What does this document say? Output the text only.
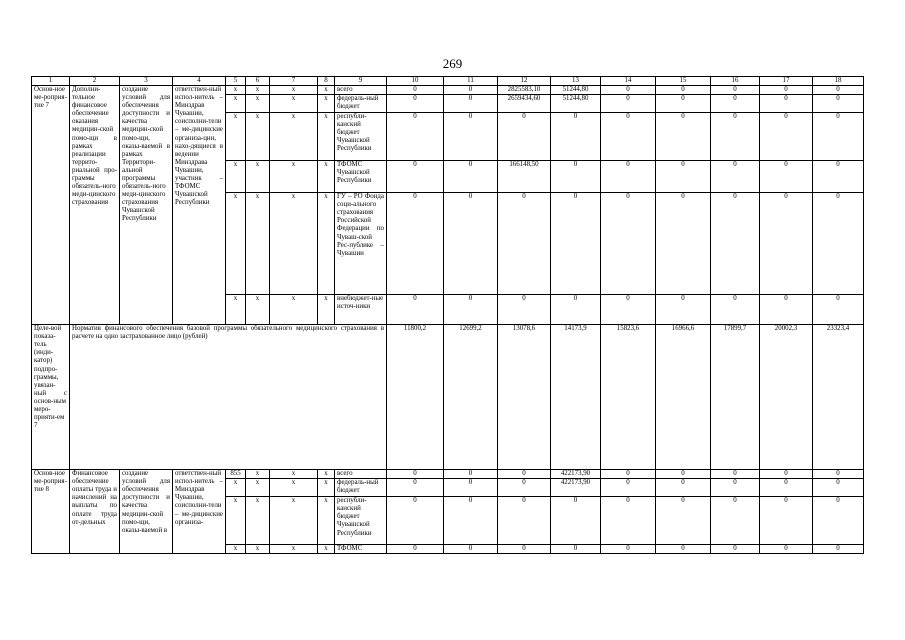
269
1	2	3	4	5	6	7	8	9	10	11	12	13	14	15	16	17	18
Основ-ное ме-роприя-тие 7	Дополни-тельное финансовое обеспечение оказания медицин-ской помо-щи в рамках реализации террито-риальной про-граммы обязатель-ного меди-цинского страхования	создание условий для обеспечения доступности и качества медицин-ской помо-щи, оказы-ваемой в рамках Территори-альной программы обязатель-ного меди-цинского страхования Чувашской Республики	ответствен-ный испол-нитель – Минздрав Чувашии, соисполни-тели – ме-дицинские организа-ции, нахо-дящиеся в ведении Минздрава Чувашии, участник – ТФОМС Чувашской Республики	x	x	x	x	всего	0	0	2825583,10	51244,80	0	0	0	0	0
				x	x	x	x	федераль-ный бюджет	0	0	2659434,60	51244,80	0	0	0	0	0
				x	x	x	x	республи-канский бюджет Чувашской Республики	0	0	0	0	0	0	0	0	0
				x	x	x	x	ТФОМС Чувашской Республики	0	0	166148,50	0	0	0	0	0	0
				x	x	x	x	ГУ – РО Фонда соци-ального страхования Российской Федерации по Чуваш-ской Рес-публике – Чувашии	0	0	0	0	0	0	0	0	0
				x	x	x	x	внебюджет-ные источ-ники	0	0	0	0	0	0	0	0	0
Целе-вой показа-тель (инди-катор) подпро-граммы, увязан-ный с основ-ным меро-прияти-ем 7	Норматив финансового обеспечения базовой программы обязательного медицинского страхования в расчете на одно застрахованное лицо (рублей)								11800,2	12699,2	13078,6	14173,9	15823,6	16966,6	17899,7	20002,3	23323,4
Основ-ное ме-роприя-тие 8	Финансовое обеспечение оплаты труда и начислений на выплаты по оплате труда от-дельных	создание условий для обеспечения доступности и качества медицин-ской помо-щи, оказы-ваемой в	ответствен-ный испол-нитель – Минздрав Чувашии, соисполни-тели – ме-дицинские организа-	855	x	x	x	всего	0	0	0	422173,90	0	0	0	0	0
				x	x	x	x	федераль-ный бюджет	0	0	0	422173,90	0	0	0	0	0
				x	x	x	x	республи-канский бюджет Чувашской Республики	0	0	0	0	0	0	0	0	0
				x	x	x	x	ТФОМС	0	0	0	0	0	0	0	0	0
